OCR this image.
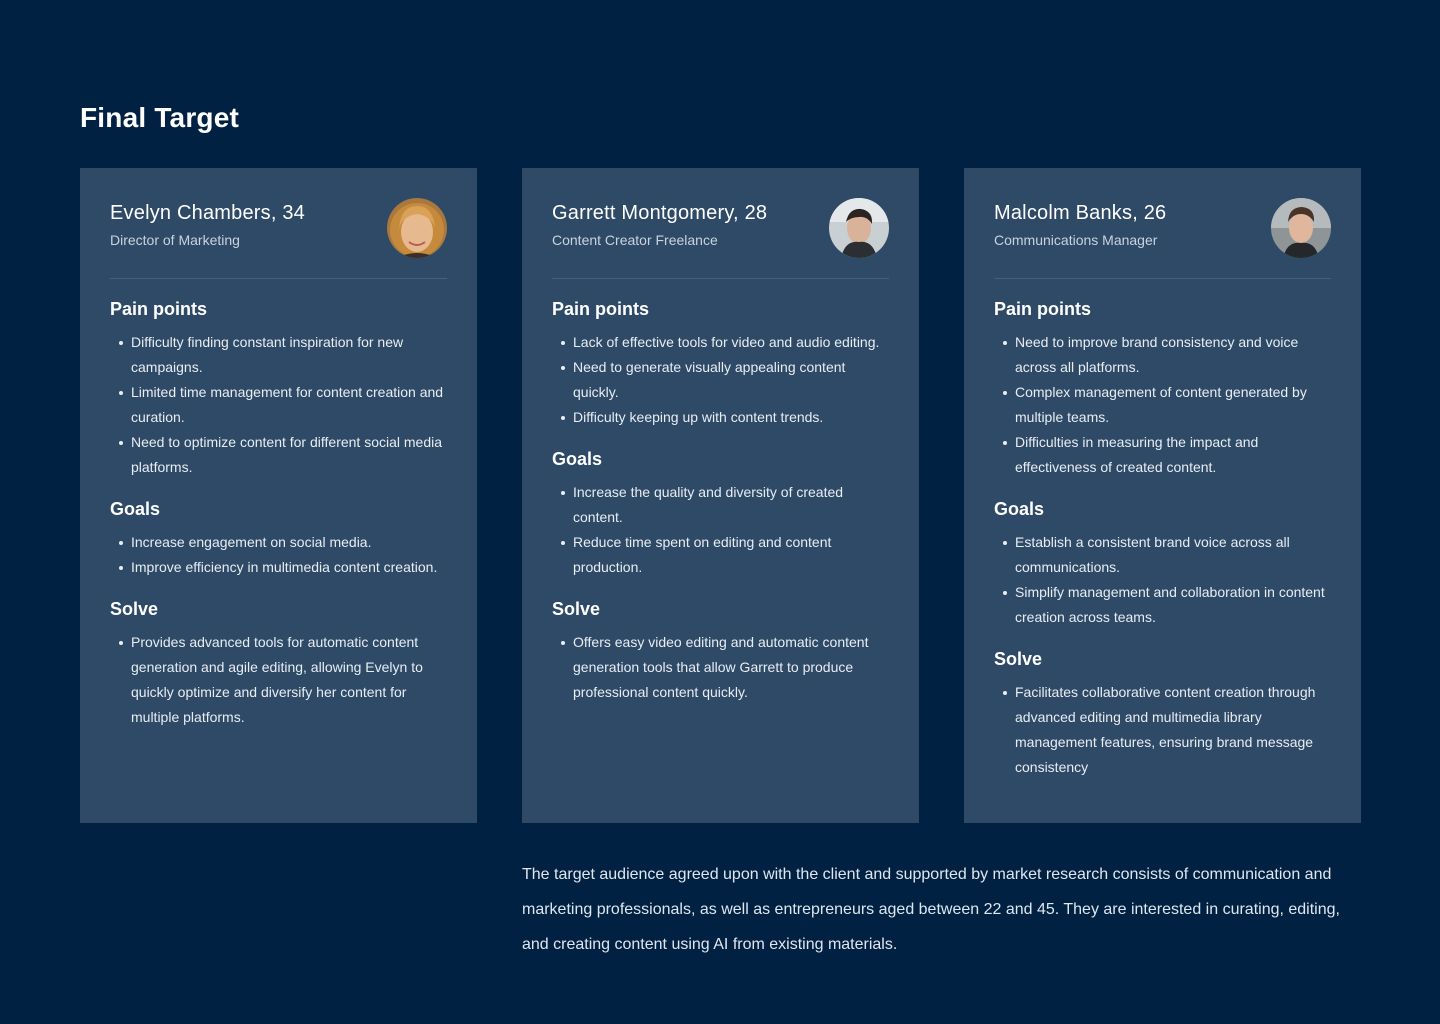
Final Target
Evelyn Chambers, 34
Director of Marketing
Pain points
Difficulty finding constant inspiration for new campaigns.
Limited time management for content creation and curation.
Need to optimize content for different social media platforms.
Goals
Increase engagement on social media.
Improve efficiency in multimedia content creation.
Solve
Provides advanced tools for automatic content generation and agile editing, allowing Evelyn to quickly optimize and diversify her content for multiple platforms.
Garrett Montgomery, 28
Content Creator Freelance
Pain points
Lack of effective tools for video and audio editing.
Need to generate visually appealing content quickly.
Difficulty keeping up with content trends.
Goals
Increase the quality and diversity of created content.
Reduce time spent on editing and content production.
Solve
Offers easy video editing and automatic content generation tools that allow Garrett to produce professional content quickly.
Malcolm Banks, 26
Communications Manager
Pain points
Need to improve brand consistency and voice across all platforms.
Complex management of content generated by multiple teams.
Difficulties in measuring the impact and effectiveness of created content.
Goals
Establish a consistent brand voice across all communications.
Simplify management and collaboration in content creation across teams.
Solve
Facilitates collaborative content creation through advanced editing and multimedia library management features, ensuring brand message consistency

The target audience agreed upon with the client and supported by market research consists of communication and marketing professionals, as well as entrepreneurs aged between 22 and 45. They are interested in curating, editing, and creating content using AI from existing materials.
